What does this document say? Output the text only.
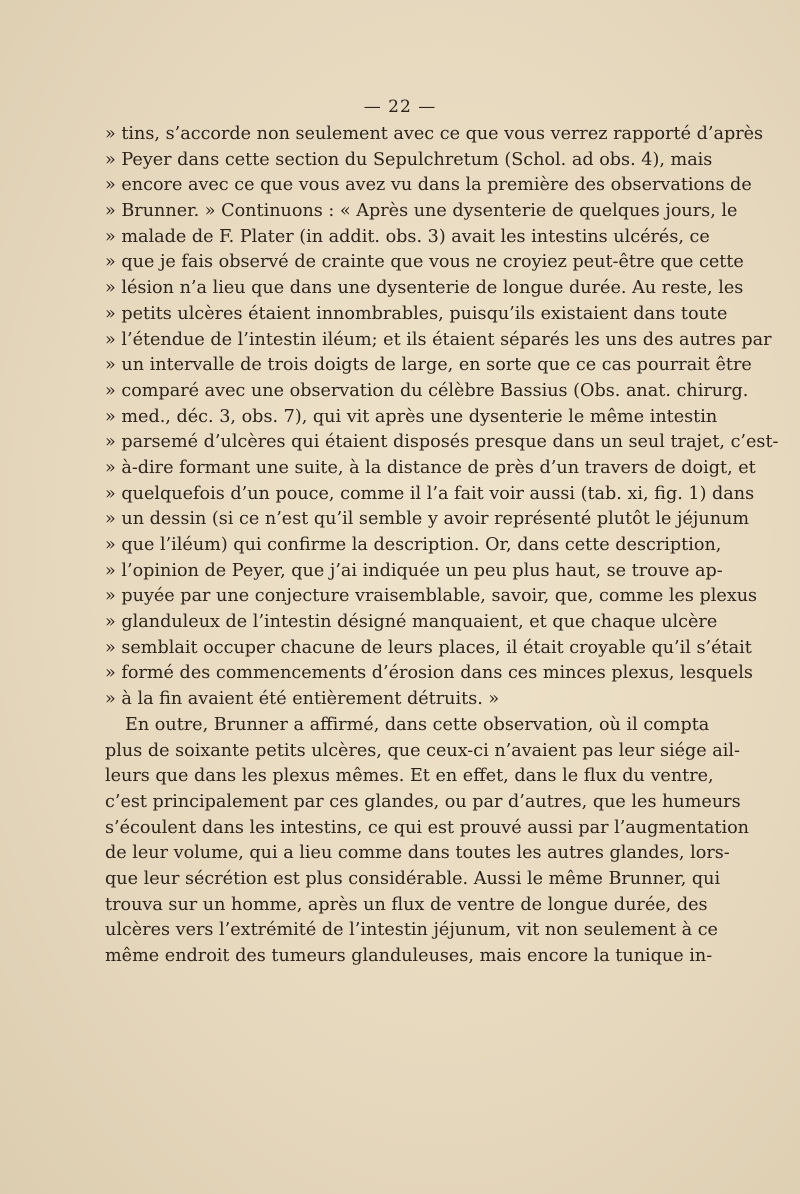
— 22 —
» tins, s’accorde non seulement avec ce que vous verrez rapporté d’après
» Peyer dans cette section du Sepulchretum (Schol. ad obs. 4), mais
» encore avec ce que vous avez vu dans la première des observations de
» Brunner. » Continuons : « Après une dysenterie de quelques jours, le
» malade de F. Plater (in addit. obs. 3) avait les intestins ulcérés, ce
» que je fais observé de crainte que vous ne croyiez peut-être que cette
» lésion n’a lieu que dans une dysenterie de longue durée. Au reste, les
» petits ulcères étaient innombrables, puisqu’ils existaient dans toute
» l’étendue de l’intestin iléum; et ils étaient séparés les uns des autres par
» un intervalle de trois doigts de large, en sorte que ce cas pourrait être
» comparé avec une observation du célèbre Bassius (Obs. anat. chirurg.
» med., déc. 3, obs. 7), qui vit après une dysenterie le même intestin
» parsemé d’ulcères qui étaient disposés presque dans un seul trajet, c’est-
» à-dire formant une suite, à la distance de près d’un travers de doigt, et
» quelquefois d’un pouce, comme il l’a fait voir aussi (tab. xi, fig. 1) dans
» un dessin (si ce n’est qu’il semble y avoir représenté plutôt le jéjunum
» que l’iléum) qui confirme la description. Or, dans cette description,
» l’opinion de Peyer, que j’ai indiquée un peu plus haut, se trouve ap-
» puyée par une conjecture vraisemblable, savoir, que, comme les plexus
» glanduleux de l’intestin désigné manquaient, et que chaque ulcère
» semblait occuper chacune de leurs places, il était croyable qu’il s’était
» formé des commencements d’érosion dans ces minces plexus, lesquels
» à la fin avaient été entièrement détruits. »
En outre, Brunner a affirmé, dans cette observation, où il compta
plus de soixante petits ulcères, que ceux-ci n’avaient pas leur siége ail-
leurs que dans les plexus mêmes. Et en effet, dans le flux du ventre,
c’est principalement par ces glandes, ou par d’autres, que les humeurs
s’écoulent dans les intestins, ce qui est prouvé aussi par l’augmentation
de leur volume, qui a lieu comme dans toutes les autres glandes, lors-
que leur sécrétion est plus considérable. Aussi le même Brunner, qui
trouva sur un homme, après un flux de ventre de longue durée, des
ulcères vers l’extrémité de l’intestin jéjunum, vit non seulement à ce
même endroit des tumeurs glanduleuses, mais encore la tunique in-
